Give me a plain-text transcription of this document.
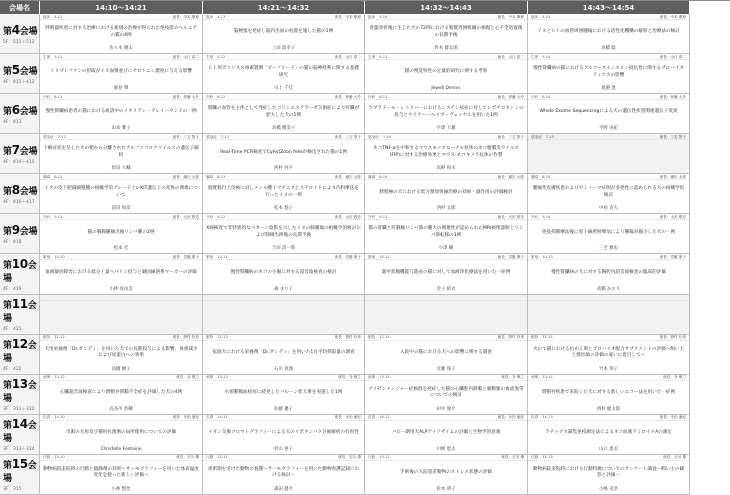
会場名	14:10～14:21	14:21～14:32	14:32～14:43	14:43～14:54
第4会場
5F：511＋512
臨床 4-12	座長：中本 康和
呼吸器疾患に対する治療における新規の治療が得られた免疫能のヘルニアの猫の4例
佐々木 優太
臨床 4-13	座長：中本 康和
脳梗塞を発症し脳内出血の処置を施した猫の1例
上田 政幸子
臨床 4-14	座長：中本 康和
骨盤骨折後に生じた犬の72例における膀胱周囲組織の損傷と心不全処置後の長期予後
鈴木 健太郎
臨床 4-15	座長：中本 康和
イヌとヒトの血管周囲腫瘍における活性化機構の解析と治療法の検討
高橋 聡
第5会場
4F：411＋412
生理 5-11	座長：山口 浩二
トリプトファンの摂取がイヌ血漿並びにセロトニン濃度に与える影響
鹿島 肇
生理 5-12	座長：山口 浩二
ヒト用ボツリヌス毒素製剤「ビーフリード」の猫の脳神経系に関する基礎研究
川上 千佳
生理 5-13	座長：山口 浩二
猫の視覚特性の定量的研究に関する考察
Jewell Dennis
生理 5-14	座長：山口 浩二
慢性腎臓病の猫におけるグルコースインスリン抵抗性に関するプロバイオティクスの影響
渡邉 恵
第6会場
4F：413
内科 6-11	座長：伊藤 大介
慢性腎臓病患者の猫における血清中のイタリアン・グレイハウンドの一例
山本 雅子
内科 6-12	座長：伊藤 大介
腎臓の血管を主体として発症したコリンエステラーゼ欠損症により肝臓が肥大した犬の1例
高橋 優美子
内科 6-13	座長：伊藤 大介
ラブラドール・レトリバーにおけるシスチン尿症に対してレボチロキシンの投与とウイナー・ヘイブ・ヴェッセルを用いた1例
平澤 大翼
内科 6-14	座長：伊藤 大介
Whole Exome Sequencingによる犬の遺伝性疾患関連遺伝子変異
平野 由紀
第7会場
4F：414＋415
感染症 7-12	座長：三宅 智子
下痢症状を呈した犬の便から分離されたアルファコロナウイルスの遺伝子解析
原田 大輔
感染症 7-13	座長：三宅 智子
Real-Time PCR検査でCyAstZoon felisが検出された猫の1例
西村 亮平
感染症 7-14	座長：三宅 智子
ネコTNF-αを中和するマウスモノクローナル抗体のネコ腹膜炎ウイルス(FIP)に対する治療効果とマウス-ネコキメラ抗体の作製
高野 和夫
感染症 7-15	座長：三宅 智子
第8会場
4F：416＋417
腫瘍 8-12	座長：細川 太郎
イヌの皮下肥満細胞腫の組織学的グレードとc-KIT遺伝子の変異の関係について
前田 和彦
腫瘍 8-13	座長：細川 太郎
膀胱移行上皮癌に対しメシル酸イマチニブとステロイドにより内科療法を行ったイヌの一例
松本 悠子
腫瘍 8-14	座長：細川 太郎
膀胱癌の犬における低分割放射線治療の効果・副作用の評価検討
西村 太郎
腫瘍 8-15	座長：細川 太郎
腫瘍性皮膚疾患およびセミノーマ症例が多発性に認められる犬の組織学的検討
中島 直大
第9会場
4F：418
外科 9-11	座長：大田 敦史
猫の胸腺腫摘出後リンパ腫の2例
松本 光
外科 9-12	座長：大田 敦史
X線検査で非特異的なパターン陰影を示したイヌの肺腫瘍の組織学的検討および肺摘出術後の長期予後
吉田 清一郎
外科 9-13	座長：大田 敦史
猫の肝臓と肝静脈リンパ節の腫大の関連性が認められたMRI画像診断とリンパ節転移の1例
小澤 剛
外科 9-14	座長：大田 敦史
免疫抑制療法後に電子線照射療法により腫瘍が縮小した犬の一例
三宅 雅史
第10会場
4F：419
繁殖 10-10	座長：宮脇 康子
血液凝固障害における低分子量ヘパリン投与と凝固線溶系マーカーの評価
小林 真由美
繁殖 10-11	座長：宮脇 康子
慢性腎臓病のネコの小腸に対する超音波検査の検討
森 まり子
繁殖 10-12	座長：宮脇 康子
副甲状腺機能亢進症の猫に対して血液浄化療法を用いた一症例
金子 結衣
繁殖 10-13	座長：宮脇 康子
慢性腎臓病の犬に対する胸腔内超音波検査の臨床的評価
高橋 かおり
第11会場
4F：421
第12会場
4F：422
動物 12-12	座長：野村 好美
犬用栄養剤「Dr.ダンディ」を用いた犬での長期投与による影響、体重減少および尿蛋白への効果
高橋 順子
動物 12-13	座長：野村 好美
家庭犬における栄養剤「Dr.ダンディ」を用いた1日平均摂取量の調査
石川 真理
動物 12-14	座長：野村 好美
入院中の猫における犬への影響に関する調査
近藤 保子
動物 12-15	座長：野村 好美
犬のて猫における抗がん剤とプロバイオ配合サプリメントの評価～飼い主と獣医師の評価の違いに着目して～
竹本 恭子
第13会場
3F：311＋312
画像 13-12	座長：谷 保之
心臓超音波検査により僧帽弁閉鎖不全症を評価した犬の4例
長谷川 浩輔
画像 13-13	座長：谷 保之
右頸動脈血栓症に続発したバルーン拡大術を実施した1例
佐藤 優子
画像 13-14	座長：谷 保之
アイゼンメンジャー症候群を発症した猫の心臓腔内静脈と肺動脈の血流異常についての検討
田中 俊介
画像 13-15	座長：谷 保之
僧帽弁疾患で来院した犬に対する新しいエコー法を用いた一症例
西村 健太郎
第14会場
3F：313＋314
皮膚 14-10	座長：永田 亜紀
市販の犬用及び猫用抗菌剤の局所使用についての評価
Christelle Fontaine
皮膚 14-11	座長：永田 亜紀
イオン交換クロマトグラフィーによる犬のリポタンパク分画解析の有用性
村山 亜子
皮膚 14-12	座長：永田 亜紀
パピー期用犬ALPアイソザイムの評価と生物学的意義
川崎 恵太
皮膚 14-13	座長：永田 亜紀
ラテックス凝集免疫測定法によるネコ血液アミロイドAの測定
山口 恵美
第15会場
3F：315
行動 15-10	座長：石川 優
動物病院来院時の行動と鎮静剤の効果～サーモグラフィーを用いた体表温度変化を使った新しい評価～
小林 賢治
行動 15-11	座長：石川 優
周術期を受けた動物の看護～サーモグラフィーを用いた動物看護記録における検討～
森田 健介
行動 15-12	座長：石川 優
手術後の入院患者動物のストレス状態の評価
鈴木 明子
行動 15-13	座長：石川 優
動物病院来院時における行動特徴についてのアンケート調査～飼い主の観察と評価～
小嶋 史浩
